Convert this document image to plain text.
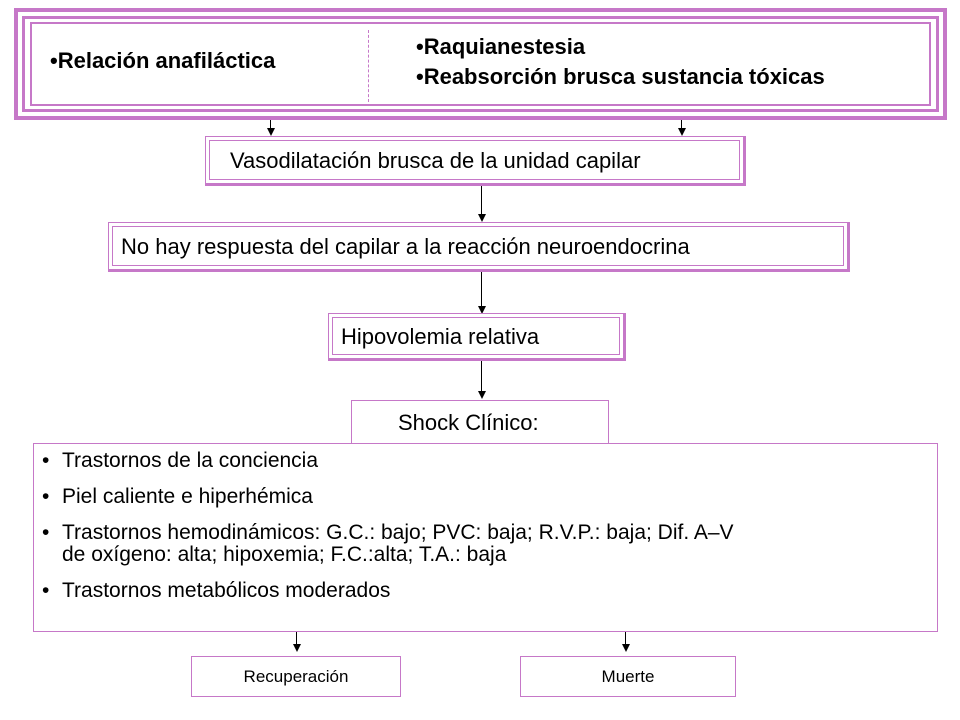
•Relación anafiláctica
•Raquianestesia
•Reabsorción brusca sustancia tóxicas
Vasodilatación brusca de la unidad capilar
No hay respuesta del capilar a la reacción neuroendocrina
Hipovolemia relativa
Shock Clínico:
• Trastornos de la conciencia
• Piel caliente e hiperhémica
• Trastornos hemodinámicos: G.C.: bajo; PVC: baja; R.V.P.: baja; Dif. A–V
de oxígeno: alta; hipoxemia; F.C.:alta; T.A.: baja
• Trastornos metabólicos moderados
Recuperación	Muerte
